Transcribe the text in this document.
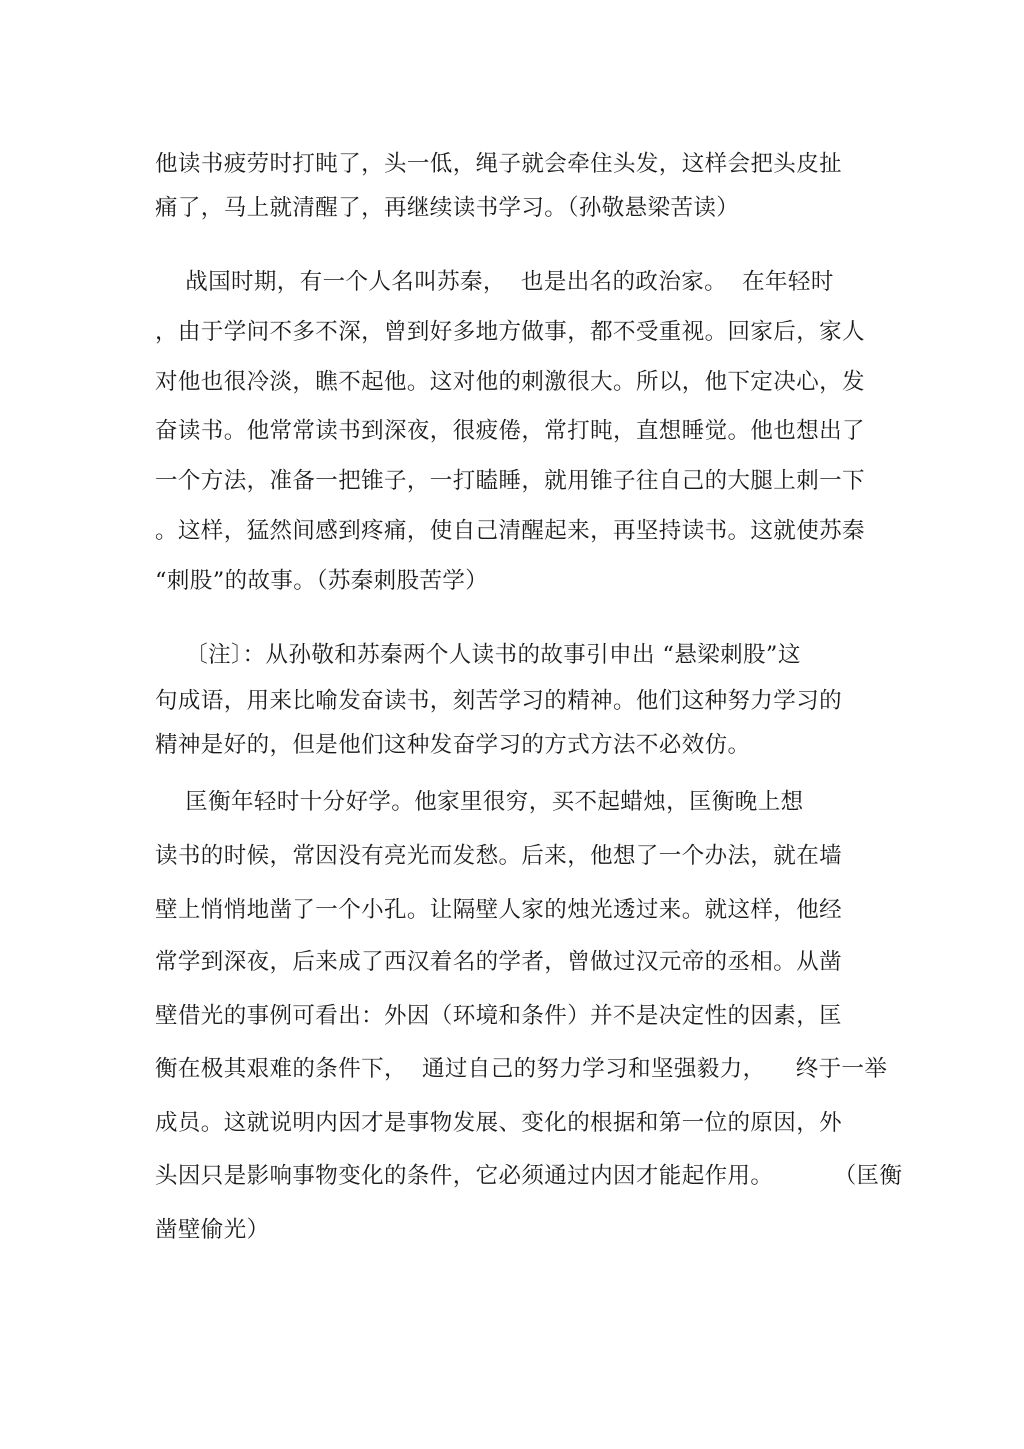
他读书疲劳时打盹了，头一低，绳子就会牵住头发，这样会把头皮扯
痛了，马上就清醒了，再继续读书学习。（孙敬悬梁苦读）
战国时期，有一个人名叫苏秦，  也是出名的政治家。  在年轻时
，由于学问不多不深，曾到好多地方做事，都不受重视。回家后，家人
对他也很冷淡，瞧不起他。这对他的刺激很大。所以，他下定决心，发
奋读书。他常常读书到深夜，很疲倦，常打盹，直想睡觉。他也想出了
一个方法，准备一把锥子，一打瞌睡，就用锥子往自己的大腿上刺一下
。这样，猛然间感到疼痛，使自己清醒起来，再坚持读书。这就使苏秦
“刺股”的故事。（苏秦刺股苦学）
〔注〕：从孙敬和苏秦两个人读书的故事引申出 “悬梁刺股”这
句成语，用来比喻发奋读书，刻苦学习的精神。他们这种努力学习的
精神是好的，但是他们这种发奋学习的方式方法不必效仿。
匡衡年轻时十分好学。他家里很穷，买不起蜡烛，匡衡晚上想
读书的时候，常因没有亮光而发愁。后来，他想了一个办法，就在墙
壁上悄悄地凿了一个小孔。让隔壁人家的烛光透过来。就这样，他经
常学到深夜，后来成了西汉着名的学者，曾做过汉元帝的丞相。从凿
壁借光的事例可看出：外因（环境和条件）并不是决定性的因素，匡
衡在极其艰难的条件下，  通过自己的努力学习和坚强毅力，    终于一举
成员。这就说明内因才是事物发展、变化的根据和第一位的原因，外
头因只是影响事物变化的条件，它必须通过内因才能起作用。        （匡衡
凿壁偷光）
